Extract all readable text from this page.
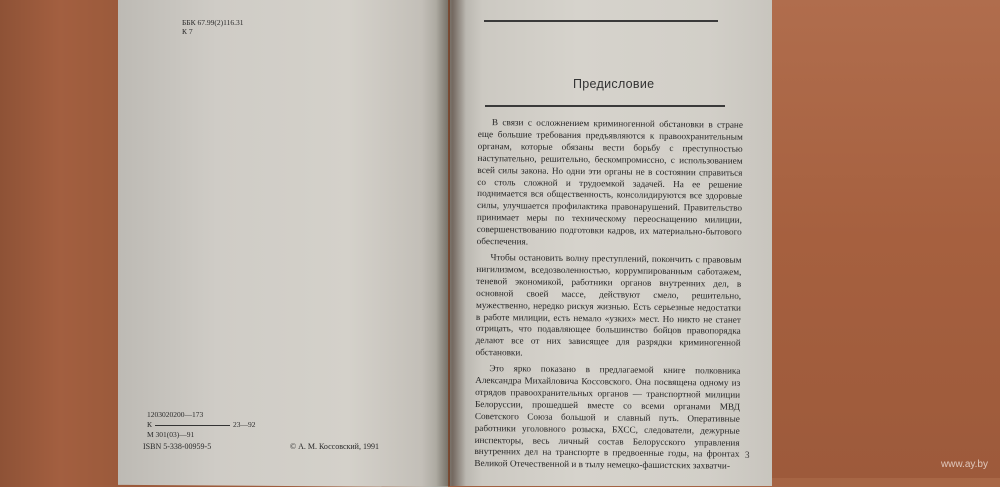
ББК 67.99(2)116.31
К 7
1203020200—173
К	23—92
М 301(03)—91
ISBN 5-338-00959-5	© А. М. Коссовский, 1991
Предисловие

В связи с осложнением криминогенной обстановки в стране еще большие требования предъявляются к правоохранительным органам, которые обязаны вести борьбу с преступностью наступательно, решительно, бескомпромиссно, с использованием всей силы закона. Но одни эти органы не в состоянии справиться со столь сложной и трудоемкой задачей. На ее решение поднимается вся общественность, консолидируются все здоровые силы, улучшается профилактика правонарушений. Правительство принимает меры по техническому переоснащению милиции, совершенствованию подготовки кадров, их материально-бытового обеспечения.

Чтобы остановить волну преступлений, покончить с правовым нигилизмом, вседозволенностью, коррумпированным саботажем, теневой экономикой, работники органов внутренних дел, в основной своей массе, действуют смело, решительно, мужественно, нередко рискуя жизнью. Есть серьезные недостатки в работе милиции, есть немало «узких» мест. Но никто не станет отрицать, что подавляющее большинство бойцов правопорядка делают все от них зависящее для разрядки криминогенной обстановки.

Это ярко показано в предлагаемой книге полковника Александра Михайловича Коссовского. Она посвящена одному из отрядов правоохранительных органов — транспортной милиции Белоруссии, прошедшей вместе со всеми органами МВД Советского Союза большой и славный путь. Оперативные работники уголовного розыска, БХСС, следователи, дежурные инспекторы, весь личный состав Белорусского управления внутренних дел на транспорте в предвоенные годы, на фронтах Великой Отечественной и в тылу немецко-фашистских захватчи-

3
www.ay.by
